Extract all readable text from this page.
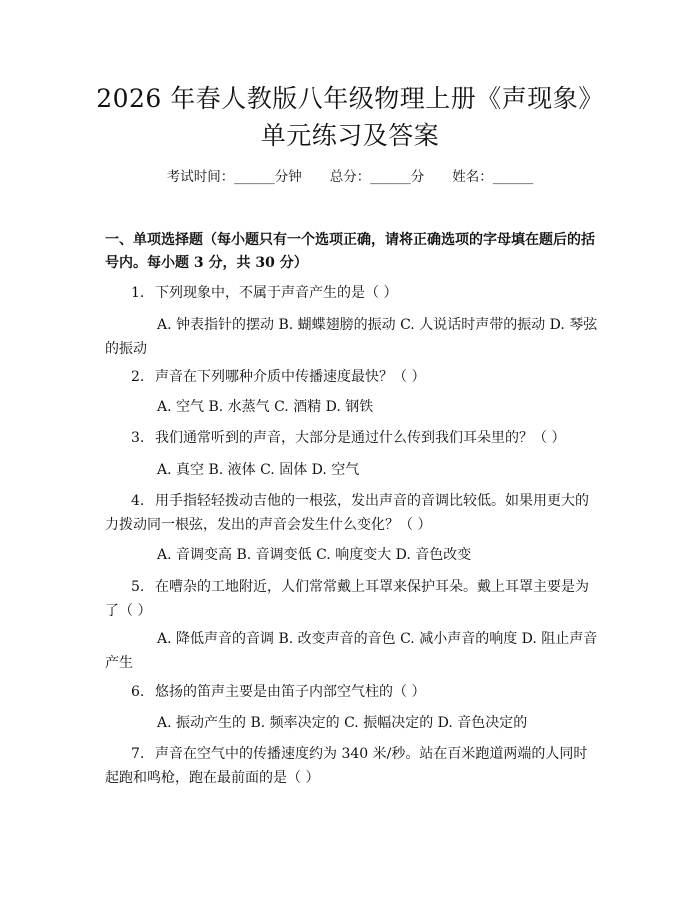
2026 年春人教版八年级物理上册《声现象》
单元练习及答案
考试时间：______分钟 总分：______分 姓名：______
一、单项选择题（每小题只有一个选项正确，请将正确选项的字母填在题后的括号内。每小题 3 分，共 30 分）
1. 下列现象中，不属于声音产生的是（ ）
A. 钟表指针的摆动 B. 蝴蝶翅膀的振动 C. 人说话时声带的振动 D. 琴弦的振动
2. 声音在下列哪种介质中传播速度最快？（ ）
A. 空气 B. 水蒸气 C. 酒精 D. 钢铁
3. 我们通常听到的声音，大部分是通过什么传到我们耳朵里的？（ ）
A. 真空 B. 液体 C. 固体 D. 空气
4. 用手指轻轻拨动吉他的一根弦，发出声音的音调比较低。如果用更大的力拨动同一根弦，发出的声音会发生什么变化？（ ）
A. 音调变高 B. 音调变低 C. 响度变大 D. 音色改变
5. 在嘈杂的工地附近，人们常常戴上耳罩来保护耳朵。戴上耳罩主要是为了（ ）
A. 降低声音的音调 B. 改变声音的音色 C. 减小声音的响度 D. 阻止声音产生
6. 悠扬的笛声主要是由笛子内部空气柱的（ ）
A. 振动产生的 B. 频率决定的 C. 振幅决定的 D. 音色决定的
7. 声音在空气中的传播速度约为 340 米/秒。站在百米跑道两端的人同时起跑和鸣枪，跑在最前面的是（ ）
